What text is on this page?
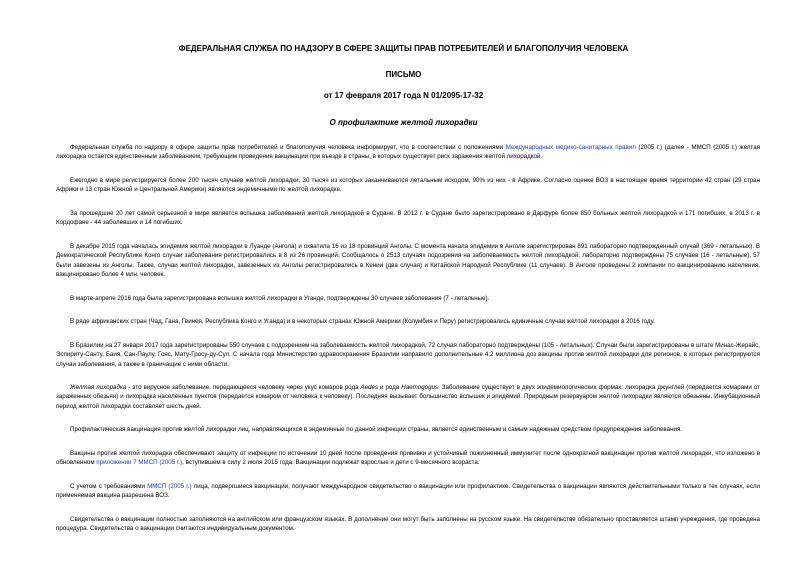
ФЕДЕРАЛЬНАЯ СЛУЖБА ПО НАДЗОРУ В СФЕРЕ ЗАЩИТЫ ПРАВ ПОТРЕБИТЕЛЕЙ И БЛАГОПОЛУЧИЯ ЧЕЛОВЕКА
ПИСЬМО
от 17 февраля 2017 года N 01/2095-17-32
О профилактике желтой лихорадки

Федеральная служба по надзору в сфере защиты прав потребителей и благополучия человека информирует, что в соответствии с положениями Международных медико-санитарных правил (2005 г.) (далее - ММСП (2005 г.) желтая лихорадка остается единственным заболеванием, требующим проведения вакцинации при въезде в страны, в которых существует риск заражения желтой лихорадкой.

Ежегодно в мире регистрируется более 200 тысяч случаев желтой лихорадки, 30 тысяч из которых заканчиваются летальным исходом, 90% из них - в Африке. Согласно оценке ВОЗ в настоящее время территории 42 стран (29 стран Африки и 13 стран Южной и Центральной Америки) являются эндемичными по желтой лихорадке.

За прошедшие 20 лет самой серьезной в мире является вспышка заболеваний желтой лихорадкой в Судане. В 2012 г. в Судане было зарегистрировано в Дарфуре более 850 больных желтой лихорадкой и 171 погибших, в 2013 г. в Кордофане - 44 заболевших и 14 погибших.

В декабре 2015 года началась эпидемия желтой лихорадки в Луанде (Ангола) и охватила 16 из 18 провинций Анголы. С момента начала эпидемии в Анголе зарегистрирован 891 лабораторно подтвержденный случай (369 - летальных). В Демократической Республике Конго случаи заболевания регистрировались в 8 из 26 провинций. Сообщалось о 2513 случаях подозрения на заболеваемость желтой лихорадкой, лабораторно подтверждены 75 случаев (16 - летальные), 57 были завезены из Анголы. Также, случаи желтой лихорадки, завезенных из Анголы регистрировались в Кении (два случая) и Китайской Народной Республике (11 случаев). В Анголе проведены 2 компании по вакцинированию населения, вакцинировано более 4 млн. человек.

В марте-апреле 2016 года была зарегистрирована вспышка желтой лихорадки в Уганде, подтверждены 30 случаев заболевания (7 - летальные).

В ряде африканских стран (Чад, Гана, Гвинея, Республика Конго и Уганда) и в некоторых странах Южной Америки (Колумбия и Перу) регистрировались единичные случаи желтой лихорадки в 2016 году.

В Бразилии на 27 января 2017 года зарегистрированы 550 случаев с подозрением на заболеваемость желтой лихорадкой, 72 случая лабораторно подтверждены (105 - летальных). Случаи были зарегистрированы в штате Минас-Жерайс, Эспириту-Санту, Баия, Сан-Паулу, Гояс, Мату-Гросу-ду-Сул. С начала года Министерство здравоохранения Бразилии направило дополнительные 4,2 миллиона доз вакцины против желтой лихорадки для регионов, в которых регистрируются случаи заболевания, а также в граничащие с ними области.

Желтая лихорадка - это вирусное заболевание, передающееся человеку через укус комаров рода Aedes и рода Haemogogus. Заболевание существует в двух эпидемиологических формах: лихорадка джунглей (передается комарами от зараженных обезьян) и лихорадка населённых пунктов (передается комаром от человека к человеку). Последняя вызывает большинство вспышек и эпидемий. Природным резервуаром желтой лихорадки являются обезьяны. Инкубационный период желтой лихорадки составляет шесть дней.

Профилактическая вакцинация против желтой лихорадки лиц, направляющихся в эндемичные по данной инфекции страны, является единственным и самым надежным средством предупреждения заболевания.

Вакцины против желтой лихорадки обеспечивают защиту от инфекции по истечении 10 дней после проведения прививки и устойчивый пожизненный иммунитет после однократной вакцинации против желтой лихорадки, что изложено в обновленном приложении 7 ММСП (2005 г.), вступившем в силу 2 июля 2015 года. Вакцинации подлежат взрослые и дети с 9-месячного возраста.

С учетом с требованиями ММСП (2005 г.) лица, подвергшиеся вакцинации, получают международное свидетельство о вакцинации или профилактике. Свидетельства о вакцинации являются действительными только в тех случаях, если применяемая вакцина разрешена ВОЗ.

Свидетельства о вакцинации полностью заполняются на английском или французском языках. В дополнение они могут быть заполнены на русском языке. На свидетельстве обязательно проставляется штамп учреждения, где проведена процедура. Свидетельства о вакцинации считаются индивидуальным документом.
